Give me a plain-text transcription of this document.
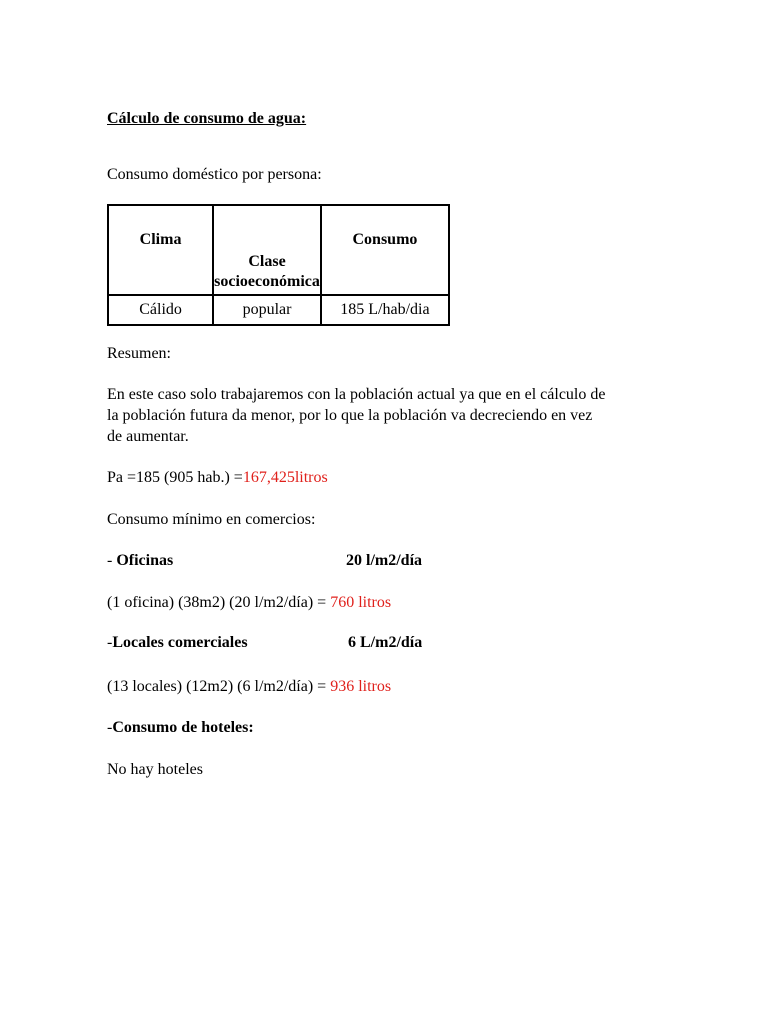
Cálculo de consumo de agua:
Consumo doméstico por persona:
Clima	Clase socioeconómica	Consumo
Cálido	popular	185 L/hab/dia
Resumen:
En este caso solo trabajaremos con la población actual ya que en el cálculo de
la población futura da menor, por lo que la población va decreciendo en vez
de aumentar.
Pa =185 (905 hab.) =167,425litros
Consumo mínimo en comercios:
- Oficinas	20 l/m2/día
(1 oficina) (38m2) (20 l/m2/día) = 760 litros
-Locales comerciales	6 L/m2/día
(13 locales) (12m2) (6 l/m2/día) = 936 litros
-Consumo de hoteles:
No hay hoteles
